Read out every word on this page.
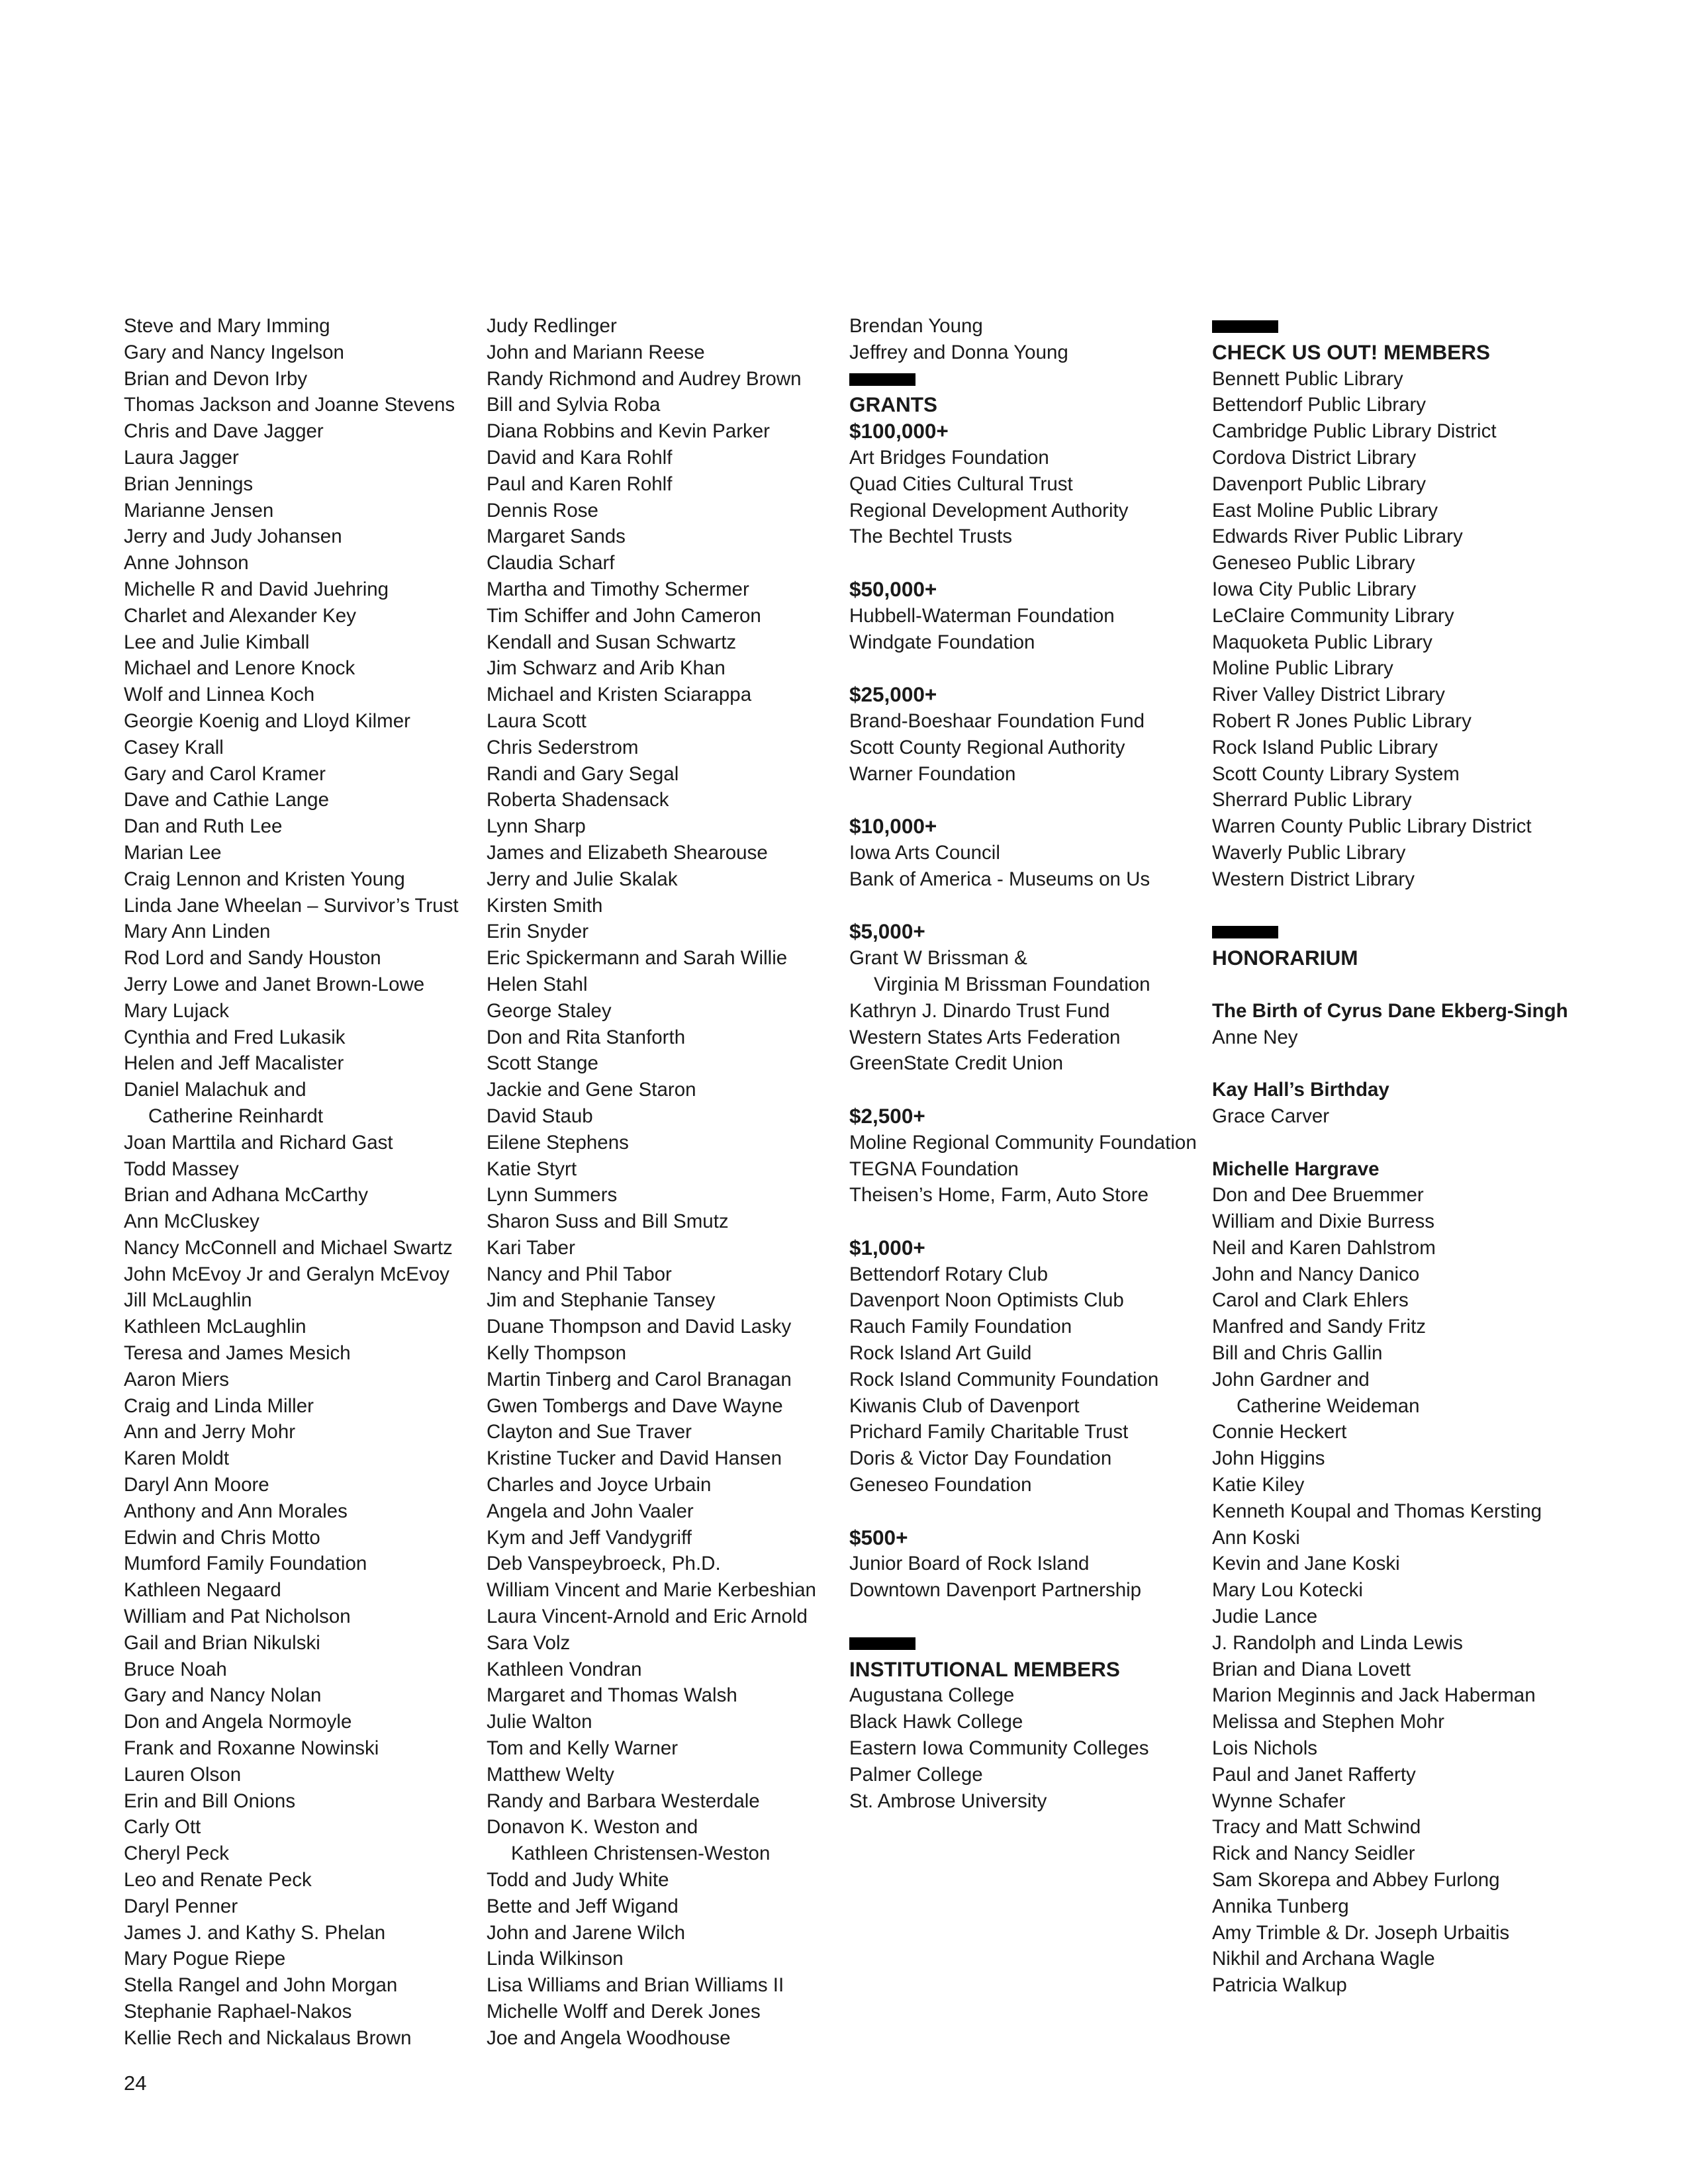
Steve and Mary Imming
Gary and Nancy Ingelson
Brian and Devon Irby
Thomas Jackson and Joanne Stevens
Chris and Dave Jagger
Laura Jagger
Brian Jennings
Marianne Jensen
Jerry and Judy Johansen
Anne Johnson
Michelle R and David Juehring
Charlet and Alexander Key
Lee and Julie Kimball
Michael and Lenore Knock
Wolf and Linnea Koch
Georgie Koenig and Lloyd Kilmer
Casey Krall
Gary and Carol Kramer
Dave and Cathie Lange
Dan and Ruth Lee
Marian Lee
Craig Lennon and Kristen Young
Linda Jane Wheelan – Survivor’s Trust
Mary Ann Linden
Rod Lord and Sandy Houston
Jerry Lowe and Janet Brown-Lowe
Mary Lujack
Cynthia and Fred Lukasik
Helen and Jeff Macalister
Daniel Malachuk and
Catherine Reinhardt
Joan Marttila and Richard Gast
Todd Massey
Brian and Adhana McCarthy
Ann McCluskey
Nancy McConnell and Michael Swartz
John McEvoy Jr and Geralyn McEvoy
Jill McLaughlin
Kathleen McLaughlin
Teresa and James Mesich
Aaron Miers
Craig and Linda Miller
Ann and Jerry Mohr
Karen Moldt
Daryl Ann Moore
Anthony and Ann Morales
Edwin and Chris Motto
Mumford Family Foundation
Kathleen Negaard
William and Pat Nicholson
Gail and Brian Nikulski
Bruce Noah
Gary and Nancy Nolan
Don and Angela Normoyle
Frank and Roxanne Nowinski
Lauren Olson
Erin and Bill Onions
Carly Ott
Cheryl Peck
Leo and Renate Peck
Daryl Penner
James J. and Kathy S. Phelan
Mary Pogue Riepe
Stella Rangel and John Morgan
Stephanie Raphael-Nakos
Kellie Rech and Nickalaus Brown
Judy Redlinger
John and Mariann Reese
Randy Richmond and Audrey Brown
Bill and Sylvia Roba
Diana Robbins and Kevin Parker
David and Kara Rohlf
Paul and Karen Rohlf
Dennis Rose
Margaret Sands
Claudia Scharf
Martha and Timothy Schermer
Tim Schiffer and John Cameron
Kendall and Susan Schwartz
Jim Schwarz and Arib Khan
Michael and Kristen Sciarappa
Laura Scott
Chris Sederstrom
Randi and Gary Segal
Roberta Shadensack
Lynn Sharp
James and Elizabeth Shearouse
Jerry and Julie Skalak
Kirsten Smith
Erin Snyder
Eric Spickermann and Sarah Willie
Helen Stahl
George Staley
Don and Rita Stanforth
Scott Stange
Jackie and Gene Staron
David Staub
Eilene Stephens
Katie Styrt
Lynn Summers
Sharon Suss and Bill Smutz
Kari Taber
Nancy and Phil Tabor
Jim and Stephanie Tansey
Duane Thompson and David Lasky
Kelly Thompson
Martin Tinberg and Carol Branagan
Gwen Tombergs and Dave Wayne
Clayton and Sue Traver
Kristine Tucker and David Hansen
Charles and Joyce Urbain
Angela and John Vaaler
Kym and Jeff Vandygriff
Deb Vanspeybroeck, Ph.D.
William Vincent and Marie Kerbeshian
Laura Vincent-Arnold and Eric Arnold
Sara Volz
Kathleen Vondran
Margaret and Thomas Walsh
Julie Walton
Tom and Kelly Warner
Matthew Welty
Randy and Barbara Westerdale
Donavon K. Weston and
Kathleen Christensen-Weston
Todd and Judy White
Bette and Jeff Wigand
John and Jarene Wilch
Linda Wilkinson
Lisa Williams and Brian Williams II
Michelle Wolff and Derek Jones
Joe and Angela Woodhouse
Brendan Young
Jeffrey and Donna Young
GRANTS
$100,000+
Art Bridges Foundation
Quad Cities Cultural Trust
Regional Development Authority
The Bechtel Trusts
$50,000+
Hubbell-Waterman Foundation
Windgate Foundation
$25,000+
Brand-Boeshaar Foundation Fund
Scott County Regional Authority
Warner Foundation
$10,000+
Iowa Arts Council
Bank of America - Museums on Us
$5,000+
Grant W Brissman &
Virginia M Brissman Foundation
Kathryn J. Dinardo Trust Fund
Western States Arts Federation
GreenState Credit Union
$2,500+
Moline Regional Community Foundation
TEGNA Foundation
Theisen’s Home, Farm, Auto Store
$1,000+
Bettendorf Rotary Club
Davenport Noon Optimists Club
Rauch Family Foundation
Rock Island Art Guild
Rock Island Community Foundation
Kiwanis Club of Davenport
Prichard Family Charitable Trust
Doris & Victor Day Foundation
Geneseo Foundation
$500+
Junior Board of Rock Island
Downtown Davenport Partnership
INSTITUTIONAL MEMBERS
Augustana College
Black Hawk College
Eastern Iowa Community Colleges
Palmer College
St. Ambrose University
CHECK US OUT! MEMBERS
Bennett Public Library
Bettendorf Public Library
Cambridge Public Library District
Cordova District Library
Davenport Public Library
East Moline Public Library
Edwards River Public Library
Geneseo Public Library
Iowa City Public Library
LeClaire Community Library
Maquoketa Public Library
Moline Public Library
River Valley District Library
Robert R Jones Public Library
Rock Island Public Library
Scott County Library System
Sherrard Public Library
Warren County Public Library District
Waverly Public Library
Western District Library
HONORARIUM
The Birth of Cyrus Dane Ekberg-Singh
Anne Ney
Kay Hall’s Birthday
Grace Carver
Michelle Hargrave
Don and Dee Bruemmer
William and Dixie Burress
Neil and Karen Dahlstrom
John and Nancy Danico
Carol and Clark Ehlers
Manfred and Sandy Fritz
Bill and Chris Gallin
John Gardner and
Catherine Weideman
Connie Heckert
John Higgins
Katie Kiley
Kenneth Koupal and Thomas Kersting
Ann Koski
Kevin and Jane Koski
Mary Lou Kotecki
Judie Lance
J. Randolph and Linda Lewis
Brian and Diana Lovett
Marion Meginnis and Jack Haberman
Melissa and Stephen Mohr
Lois Nichols
Paul and Janet Rafferty
Wynne Schafer
Tracy and Matt Schwind
Rick and Nancy Seidler
Sam Skorepa and Abbey Furlong
Annika Tunberg
Amy Trimble & Dr. Joseph Urbaitis
Nikhil and Archana Wagle
Patricia Walkup
24
